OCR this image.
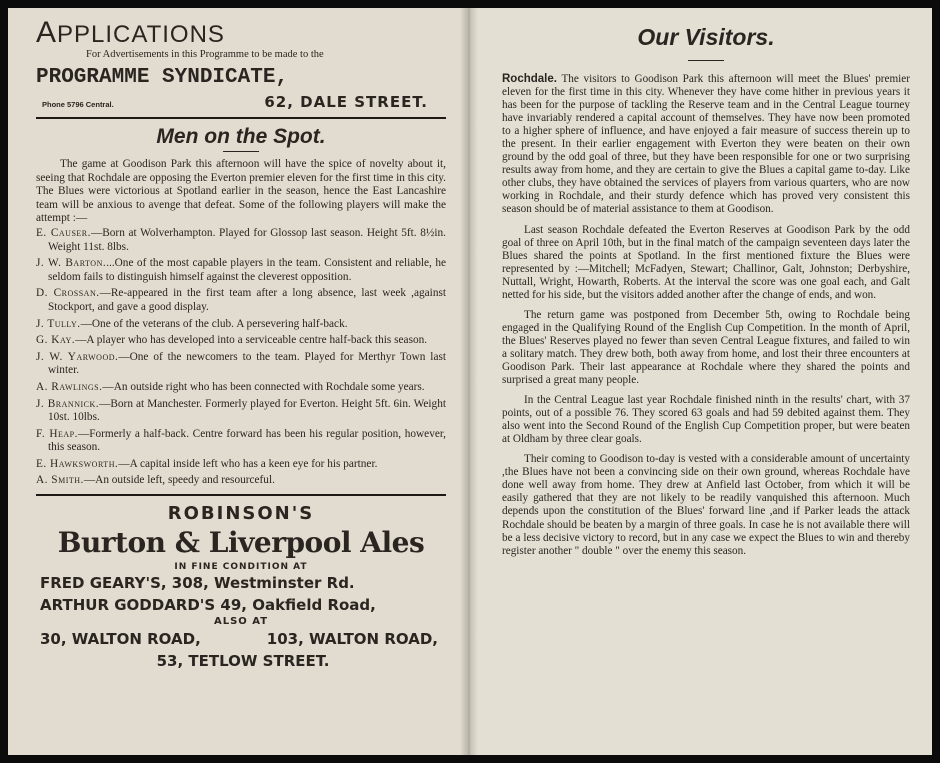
APPLICATIONS

For Advertisements in this Programme to be made to the

PROGRAMME SYNDICATE,
Phone 5796 Central.	62, DALE STREET.
Men on the Spot.

The game at Goodison Park this afternoon will have the spice of novelty about it, seeing that Rochdale are opposing the Everton premier eleven for the first time in this city. The Blues were victorious at Spotland earlier in the season, hence the East Lancashire team will be anxious to avenge that defeat. Some of the following players will make the attempt :—

E. Causer.—Born at Wolverhampton. Played for Glossop last season. Height 5ft. 8½in. Weight 11st. 8lbs.

J. W. Barton....One of the most capable players in the team. Consistent and reliable, he seldom fails to distinguish himself against the cleverest opposition.

D. Crossan.—Re-appeared in the first team after a long absence, last week ,against Stockport, and gave a good display.

J. Tully.—One of the veterans of the club. A persevering half-back.

G. Kay.—A player who has developed into a serviceable centre half-back this season.

J. W. Yarwood.—One of the newcomers to the team. Played for Merthyr Town last winter.

A. Rawlings.—An outside right who has been connected with Rochdale some years.

J. Brannick.—Born at Manchester. Formerly played for Everton. Height 5ft. 6in. Weight 10st. 10lbs.

F. Heap.—Formerly a half-back. Centre forward has been his regular position, however, this season.

E. Hawksworth.—A capital inside left who has a keen eye for his partner.

A. Smith.—An outside left, speedy and resourceful.

ROBINSON'S
Burton & Liverpool Ales
IN FINE CONDITION AT
FRED GEARY'S, 308, Westminster Rd.
ARTHUR GODDARD'S 49, Oakfield Road,
ALSO AT
30, WALTON ROAD,	103, WALTON ROAD,
53, TETLOW STREET.
Our Visitors.

Rochdale. The visitors to Goodison Park this afternoon will meet the Blues' premier eleven for the first time in this city. Whenever they have come hither in previous years it has been for the purpose of tackling the Reserve team and in the Central League tourney have invariably rendered a capital account of themselves. They have now been promoted to a higher sphere of influence, and have enjoyed a fair measure of success therein up to the present. In their earlier engagement with Everton they were beaten on their own ground by the odd goal of three, but they have been responsible for one or two surprising results away from home, and they are certain to give the Blues a capital game to-day. Like other clubs, they have obtained the services of players from various quarters, who are now working in Rochdale, and their sturdy defence which has proved very consistent this season should be of material assistance to them at Goodison.

Last season Rochdale defeated the Everton Reserves at Goodison Park by the odd goal of three on April 10th, but in the final match of the campaign seventeen days later the Blues shared the points at Spotland. In the first mentioned fixture the Blues were represented by :—Mitchell; McFadyen, Stewart; Challinor, Galt, Johnston; Derbyshire, Nuttall, Wright, Howarth, Roberts. At the interval the score was one goal each, and Galt netted for his side, but the visitors added another after the change of ends, and won.

The return game was postponed from December 5th, owing to Rochdale being engaged in the Qualifying Round of the English Cup Competition. In the month of April, the Blues' Reserves played no fewer than seven Central League fixtures, and failed to win a solitary match. They drew both, both away from home, and lost their three encounters at Goodison Park. Their last appearance at Rochdale where they shared the points and surprised a great many people.

In the Central League last year Rochdale finished ninth in the results' chart, with 37 points, out of a possible 76. They scored 63 goals and had 59 debited against them. They also went into the Second Round of the English Cup Competition proper, but were beaten at Oldham by three clear goals.

Their coming to Goodison to-day is vested with a considerable amount of uncertainty ,the Blues have not been a convincing side on their own ground, whereas Rochdale have done well away from home. They drew at Anfield last October, from which it will be easily gathered that they are not likely to be readily vanquished this afternoon. Much depends upon the constitution of the Blues' forward line ,and if Parker leads the attack Rochdale should be beaten by a margin of three goals. In case he is not available there will be a less decisive victory to record, but in any case we expect the Blues to win and thereby register another " double " over the enemy this season.
